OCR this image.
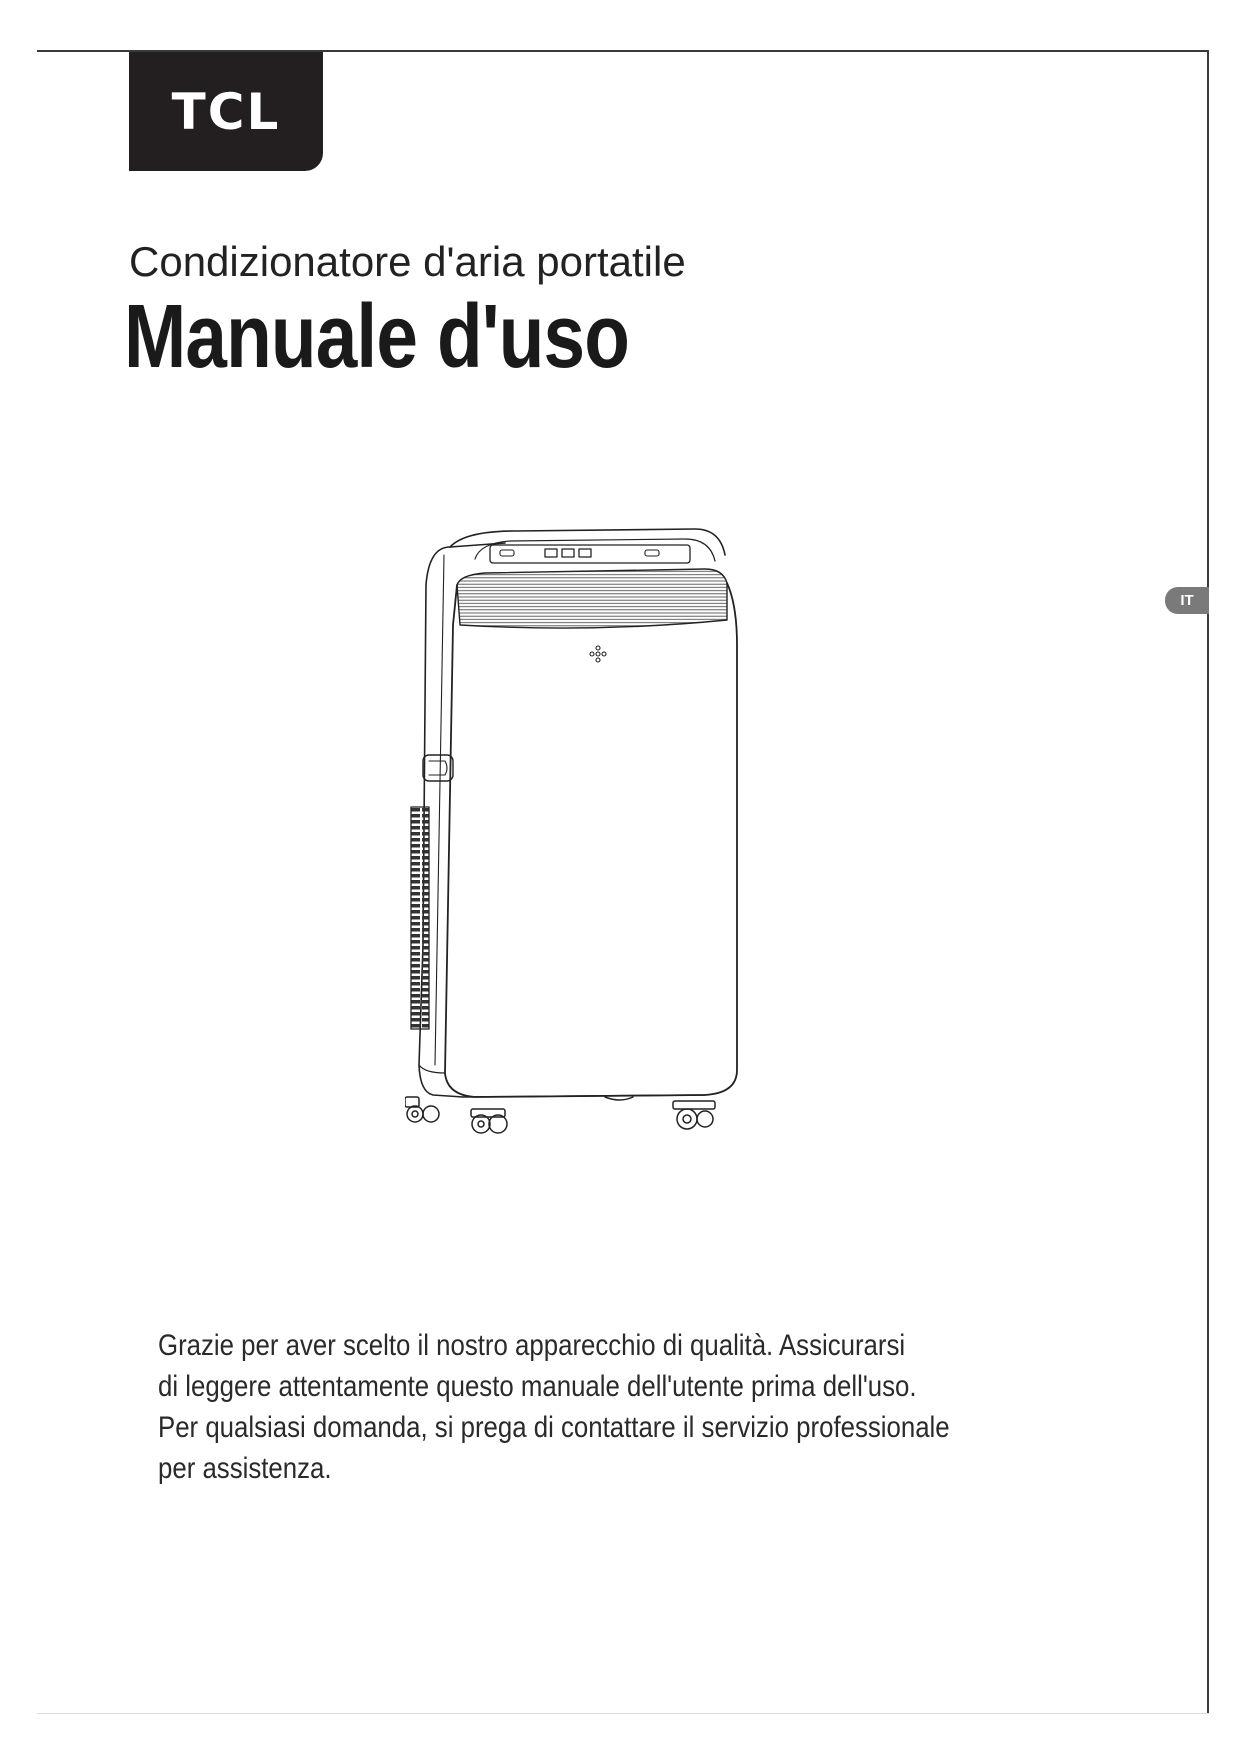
TCL
Condizionatore d'aria portatile
Manuale d'uso
IT

Grazie per aver scelto il nostro apparecchio di qualità. Assicurarsi

di leggere attentamente questo manuale dell'utente prima dell'uso.

Per qualsiasi domanda, si prega di contattare il servizio professionale

per assistenza.
